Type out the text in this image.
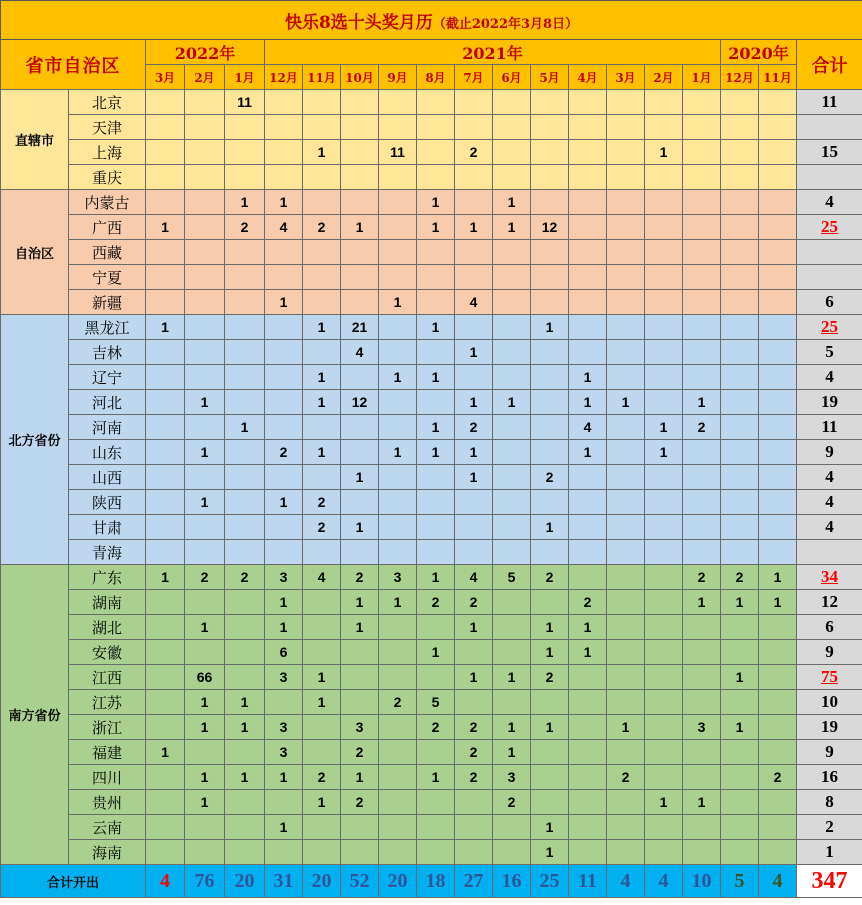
快乐8选十头奖月历（截止2022年3月8日）																			
省市自治区		2022年			2021年												2020年		合计
		3月	2月	1月	12月	11月	10月	9月	8月	7月	6月	5月	4月	3月	2月	1月	12月	11月	
直辖市	北京			11															11
	天津																		
	上海					1		11		2					1				15
	重庆																		
自治区	内蒙古			1	1				1		1								4
	广西	1		2	4	2	1		1	1	1	12							25
	西藏																		
	宁夏																		
	新疆				1			1		4									6
北方省份	黑龙江	1				1	21		1			1							25
	吉林						4			1									5
	辽宁					1		1	1				1						4
	河北		1			1	12			1	1		1	1		1			19
	河南			1					1	2			4		1	2			11
	山东		1		2	1		1	1	1			1		1				9
	山西						1			1		2							4
	陕西		1		1	2													4
	甘肃					2	1					1							4
	青海																		
南方省份	广东	1	2	2	3	4	2	3	1	4	5	2				2	2	1	34
	湖南				1		1	1	2	2			2			1	1	1	12
	湖北		1		1		1			1		1	1						6
	安徽				6				1			1	1						9
	江西		66		3	1				1	1	2					1		75
	江苏		1	1		1		2	5										10
	浙江		1	1	3		3		2	2	1	1		1		3	1		19
	福建	1			3		2			2	1								9
	四川		1	1	1	2	1		1	2	3			2				2	16
	贵州		1			1	2				2				1	1			8
	云南				1							1							2
	海南											1							1
合计开出		4	76	20	31	20	52	20	18	27	16	25	11	4	4	10	5	4	347
